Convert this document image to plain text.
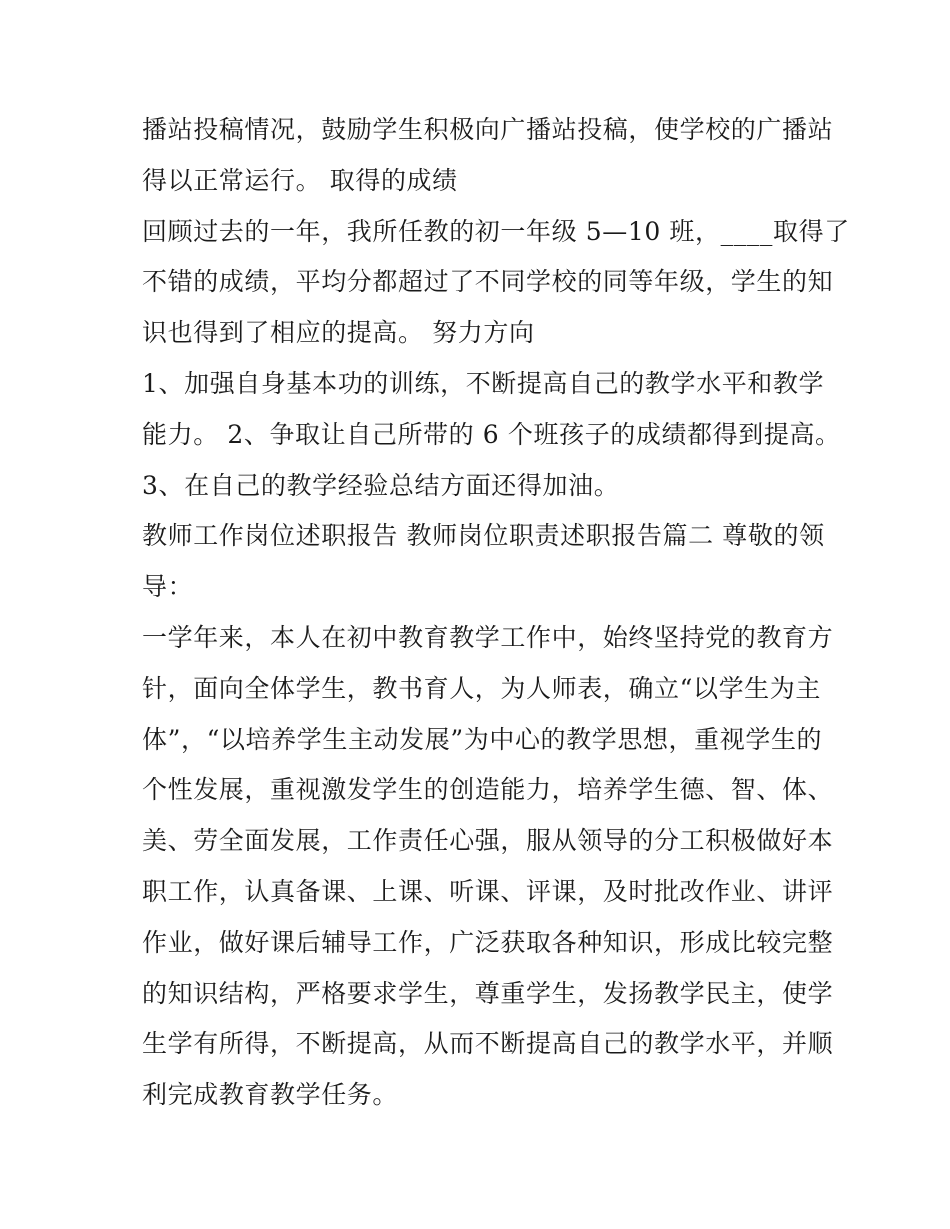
播站投稿情况，鼓励学生积极向广播站投稿，使学校的广播站
得以正常运行。 取得的成绩
回顾过去的一年，我所任教的初一年级 5—10 班，____取得了
不错的成绩，平均分都超过了不同学校的同等年级，学生的知
识也得到了相应的提高。 努力方向
1、加强自身基本功的训练，不断提高自己的教学水平和教学
能力。 2、争取让自己所带的 6 个班孩子的成绩都得到提高。
3、在自己的教学经验总结方面还得加油。
教师工作岗位述职报告 教师岗位职责述职报告篇二 尊敬的领
导：
一学年来，本人在初中教育教学工作中，始终坚持党的教育方
针，面向全体学生，教书育人，为人师表，确立“以学生为主
体”，“以培养学生主动发展”为中心的教学思想，重视学生的
个性发展，重视激发学生的创造能力，培养学生德、智、体、
美、劳全面发展，工作责任心强，服从领导的分工积极做好本
职工作，认真备课、上课、听课、评课，及时批改作业、讲评
作业，做好课后辅导工作，广泛获取各种知识，形成比较完整
的知识结构，严格要求学生，尊重学生，发扬教学民主，使学
生学有所得，不断提高，从而不断提高自己的教学水平，并顺
利完成教育教学任务。
